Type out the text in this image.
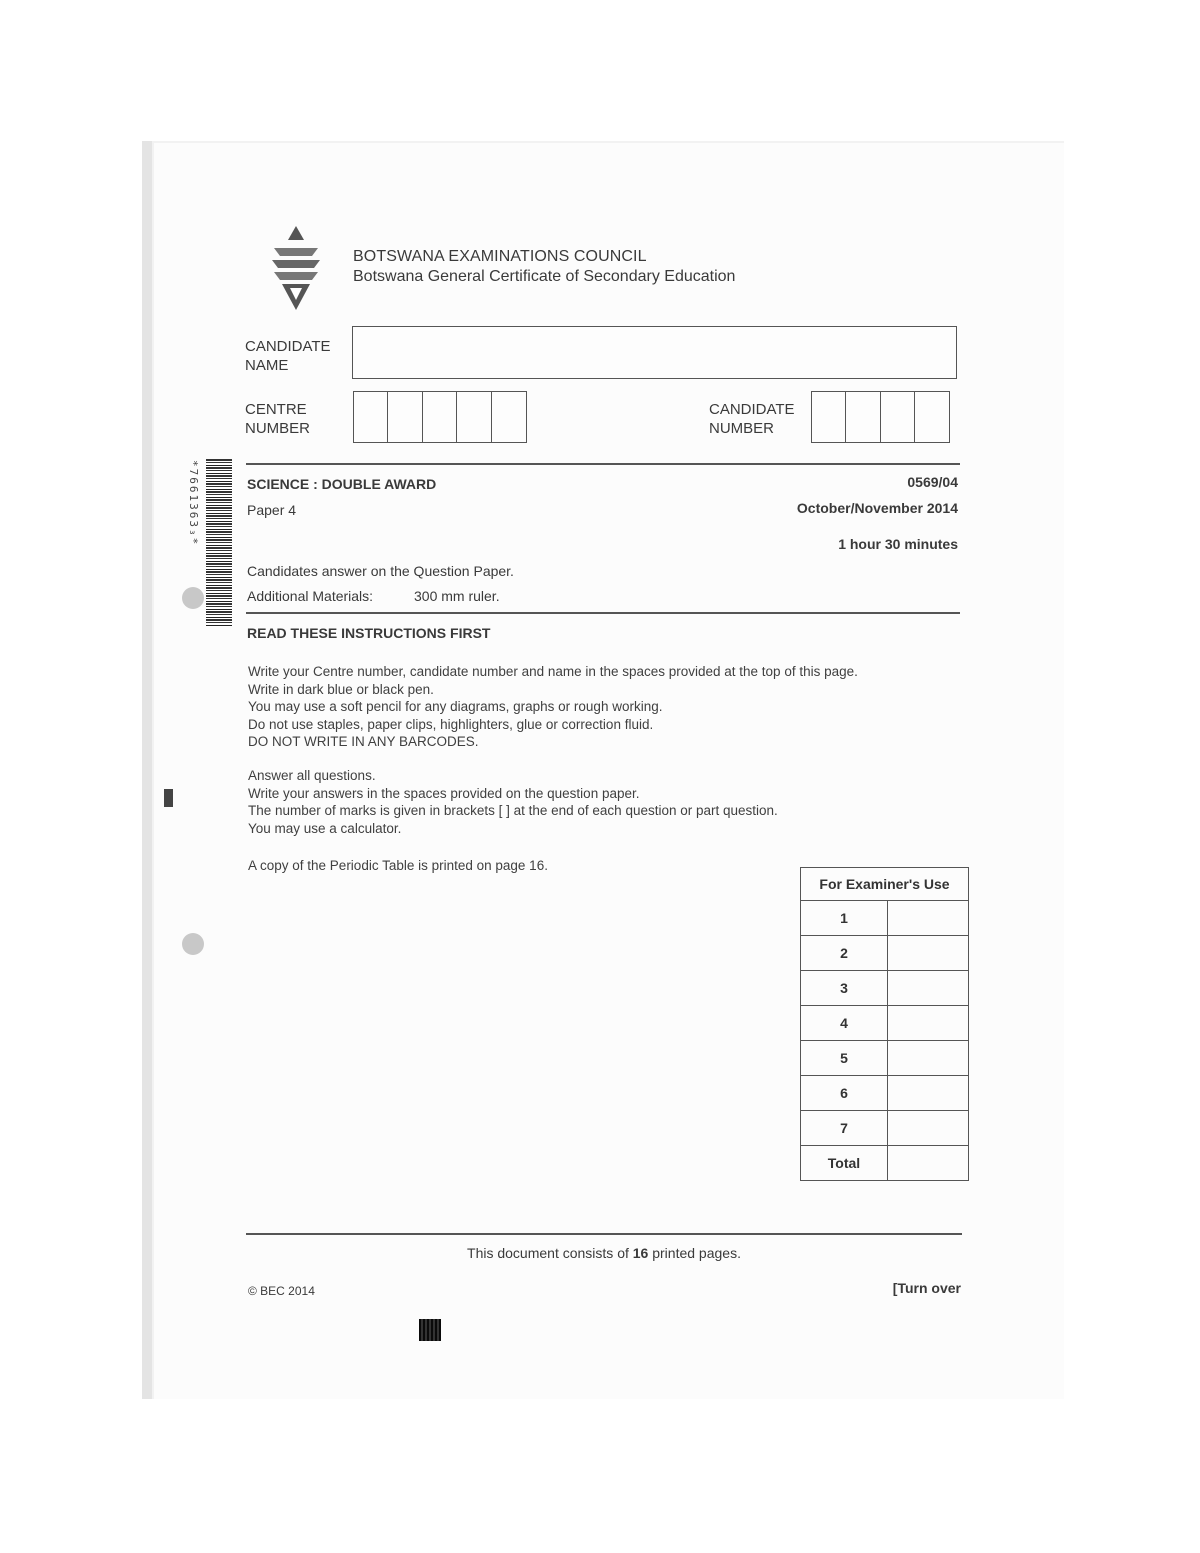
BOTSWANA EXAMINATIONS COUNCIL
Botswana General Certificate of Secondary Education
CANDIDATE NAME
CENTRE NUMBER
CANDIDATE NUMBER
*7661363₃*	SCIENCE : DOUBLE AWARD	0569/04
Paper 4	October/November 2014
1 hour 30 minutes
Candidates answer on the Question Paper.
Additional Materials:	300 mm ruler.
READ THESE INSTRUCTIONS FIRST
Write your Centre number, candidate number and name in the spaces provided at the top of this page.
Write in dark blue or black pen.
You may use a soft pencil for any diagrams, graphs or rough working.
Do not use staples, paper clips, highlighters, glue or correction fluid.
DO NOT WRITE IN ANY BARCODES.
Answer all questions.
Write your answers in the spaces provided on the question paper.
The number of marks is given in brackets [ ] at the end of each question or part question.
You may use a calculator.
A copy of the Periodic Table is printed on page 16.
For Examiner's Use	
1	
2	
3	
4	
5	
6	
7	
Total	
This document consists of 16 printed pages.
© BEC 2014	[Turn over
